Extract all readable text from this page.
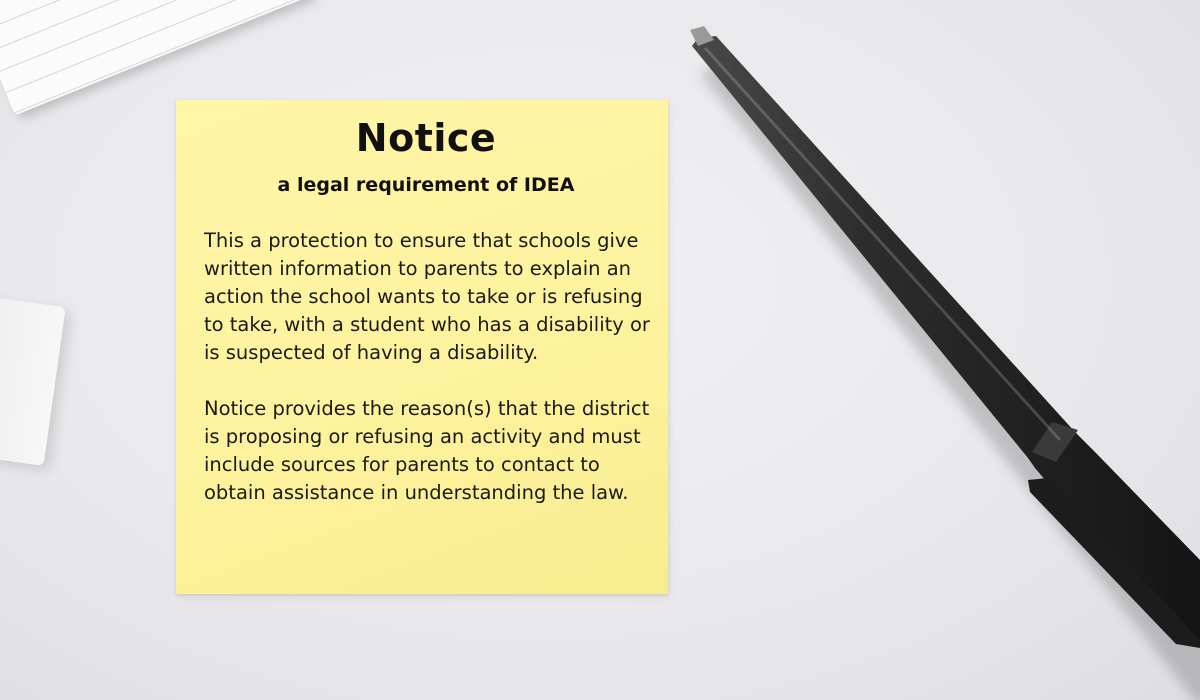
Notice
a legal requirement of IDEA

This a protection to ensure that schools give written information to parents to explain an action the school wants to take or is refusing to take, with a student who has a disability or is suspected of having a disability.

Notice provides the reason(s) that the district is proposing or refusing an activity and must include sources for parents to contact to obtain assistance in understanding the law.
